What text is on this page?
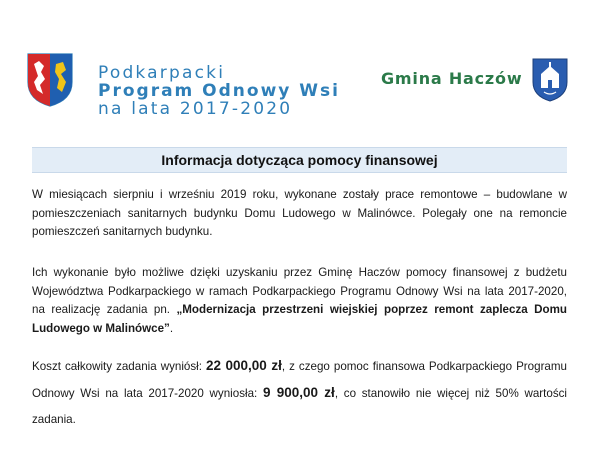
Podkarpacki
Program Odnowy Wsi
na lata 2017-2020
Gmina Haczów
Informacja dotycząca pomocy finansowej
W miesiącach sierpniu i wrześniu 2019 roku, wykonane zostały prace remontowe – budowlane w pomieszczeniach sanitarnych budynku Domu Ludowego w Malinówce. Polegały one na remoncie pomieszczeń sanitarnych budynku.
Ich wykonanie było możliwe dzięki uzyskaniu przez Gminę Haczów pomocy finansowej z budżetu Województwa Podkarpackiego w ramach Podkarpackiego Programu Odnowy Wsi na lata 2017-2020, na realizację zadania pn. „Modernizacja przestrzeni wiejskiej poprzez remont zaplecza Domu Ludowego w Malinówce”.
Koszt całkowity zadania wyniósł: 22 000,00 zł, z czego pomoc finansowa Podkarpackiego Programu Odnowy Wsi na lata 2017-2020 wyniosła: 9 900,00 zł, co stanowiło nie więcej niż 50% wartości zadania.
